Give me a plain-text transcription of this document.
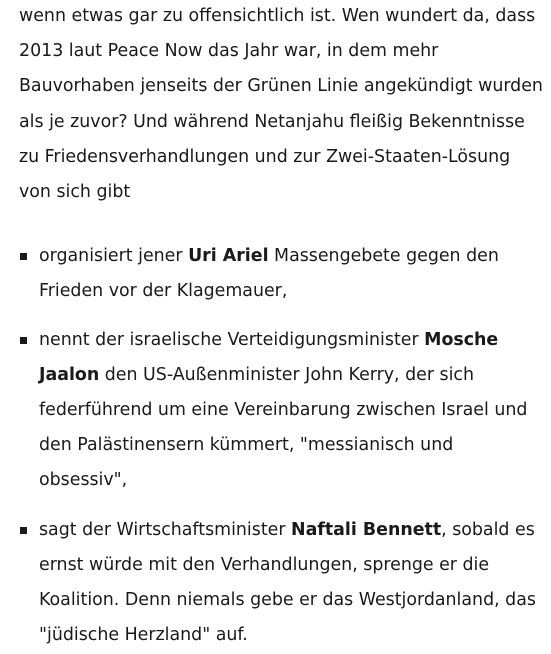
wenn etwas gar zu offensichtlich ist. Wen wundert da, dass 2013 laut Peace Now das Jahr war, in dem mehr Bauvorhaben jenseits der Grünen Linie angekündigt wurden als je zuvor? Und während Netanjahu fleißig Bekenntnisse zu Friedensverhandlungen und zur Zwei-Staaten-Lösung von sich gibt

organisiert jener Uri Ariel Massengebete gegen den Frieden vor der Klagemauer,
nennt der israelische Verteidigungsminister Mosche Jaalon den US-Außenminister John Kerry, der sich federführend um eine Vereinbarung zwischen Israel und den Palästinensern kümmert, "messianisch und obsessiv",
sagt der Wirtschaftsminister Naftali Bennett, sobald es ernst würde mit den Verhandlungen, sprenge er die Koalition. Denn niemals gebe er das Westjordanland, das "jüdische Herzland" auf.
